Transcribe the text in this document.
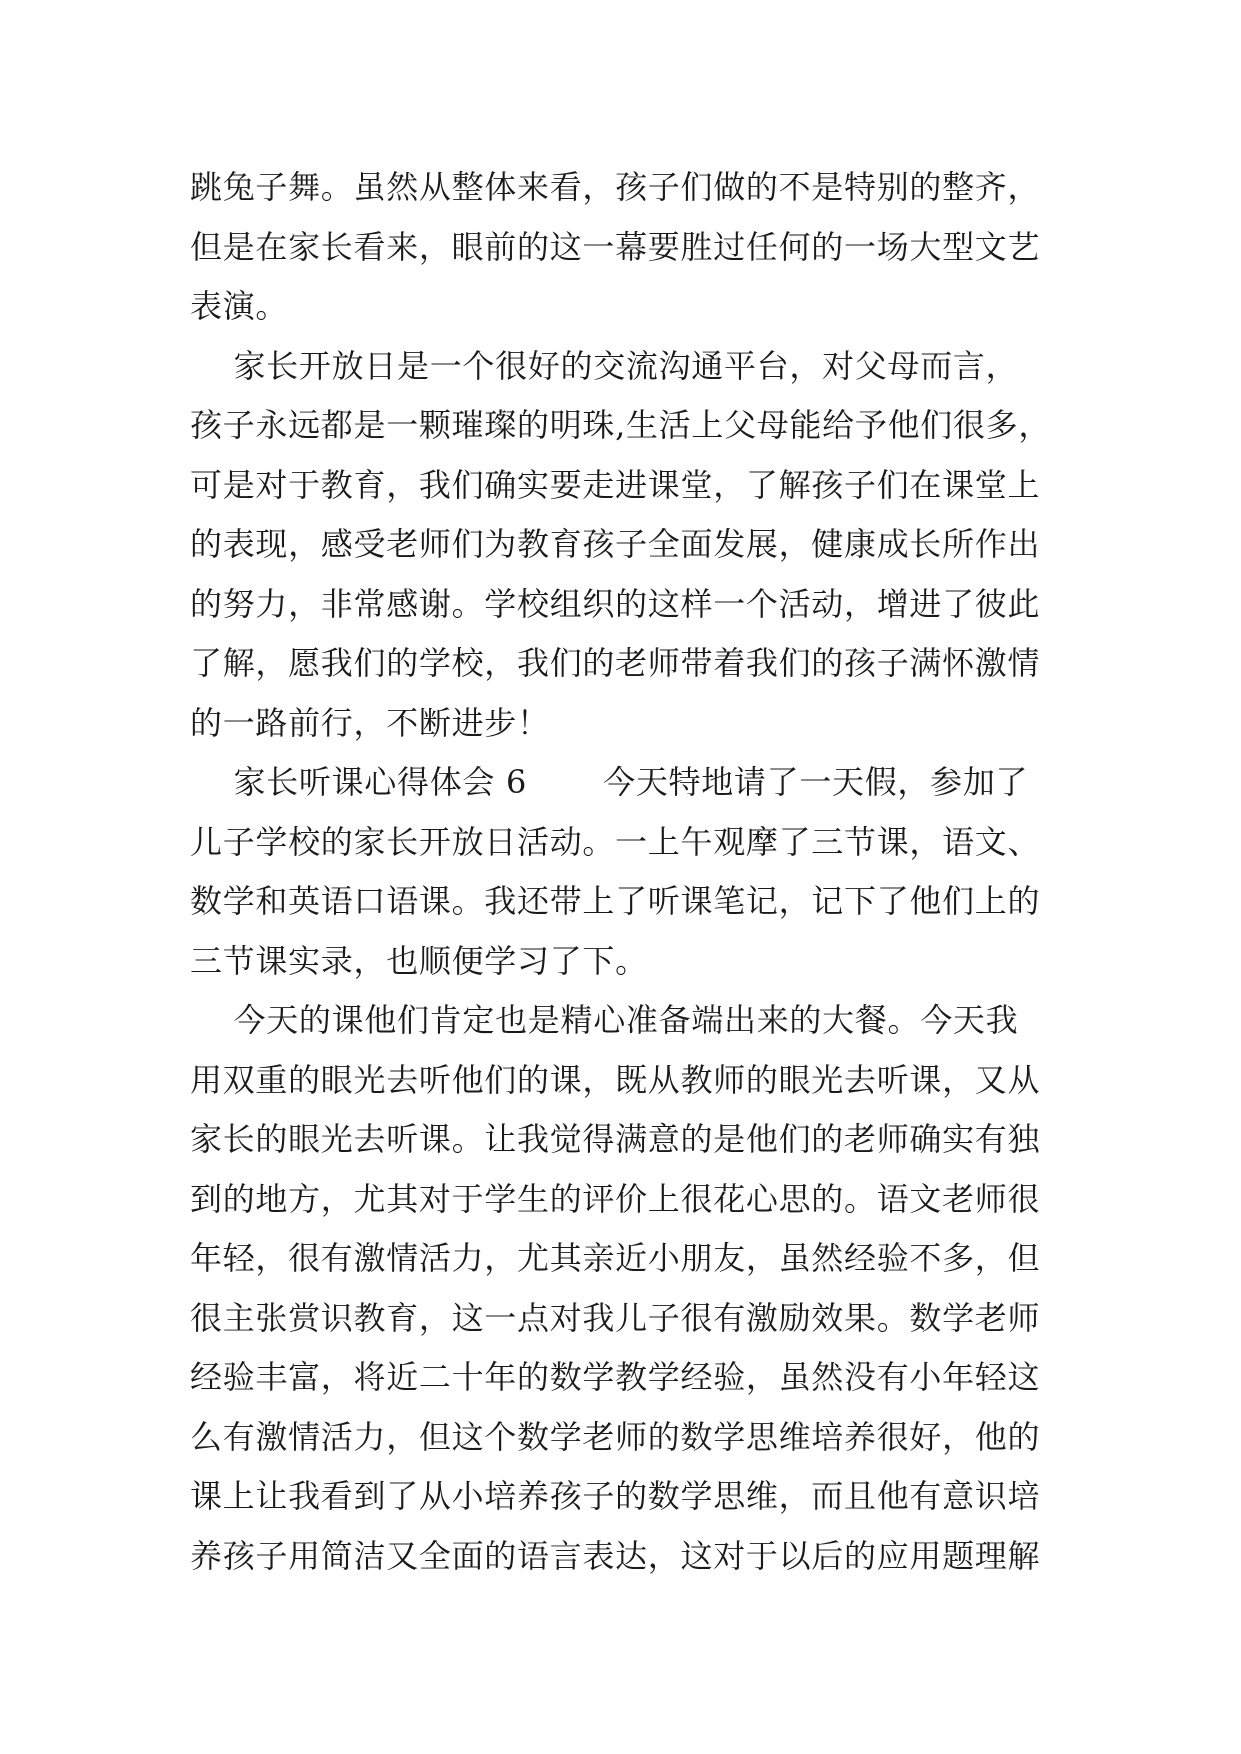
跳兔子舞。虽然从整体来看，孩子们做的不是特别的整齐，
但是在家长看来，眼前的这一幕要胜过任何的一场大型文艺
表演。
家长开放日是一个很好的交流沟通平台，对父母而言，
孩子永远都是一颗璀璨的明珠,生活上父母能给予他们很多，
可是对于教育，我们确实要走进课堂，了解孩子们在课堂上
的表现，感受老师们为教育孩子全面发展，健康成长所作出
的努力，非常感谢。学校组织的这样一个活动，增进了彼此
了解，愿我们的学校，我们的老师带着我们的孩子满怀激情
的一路前行，不断进步！
家长听课心得体会 6       今天特地请了一天假，参加了
儿子学校的家长开放日活动。一上午观摩了三节课，语文、
数学和英语口语课。我还带上了听课笔记，记下了他们上的
三节课实录，也顺便学习了下。
今天的课他们肯定也是精心准备端出来的大餐。今天我
用双重的眼光去听他们的课，既从教师的眼光去听课，又从
家长的眼光去听课。让我觉得满意的是他们的老师确实有独
到的地方，尤其对于学生的评价上很花心思的。语文老师很
年轻，很有激情活力，尤其亲近小朋友，虽然经验不多，但
很主张赏识教育，这一点对我儿子很有激励效果。数学老师
经验丰富，将近二十年的数学教学经验，虽然没有小年轻这
么有激情活力，但这个数学老师的数学思维培养很好，他的
课上让我看到了从小培养孩子的数学思维，而且他有意识培
养孩子用简洁又全面的语言表达，这对于以后的应用题理解
